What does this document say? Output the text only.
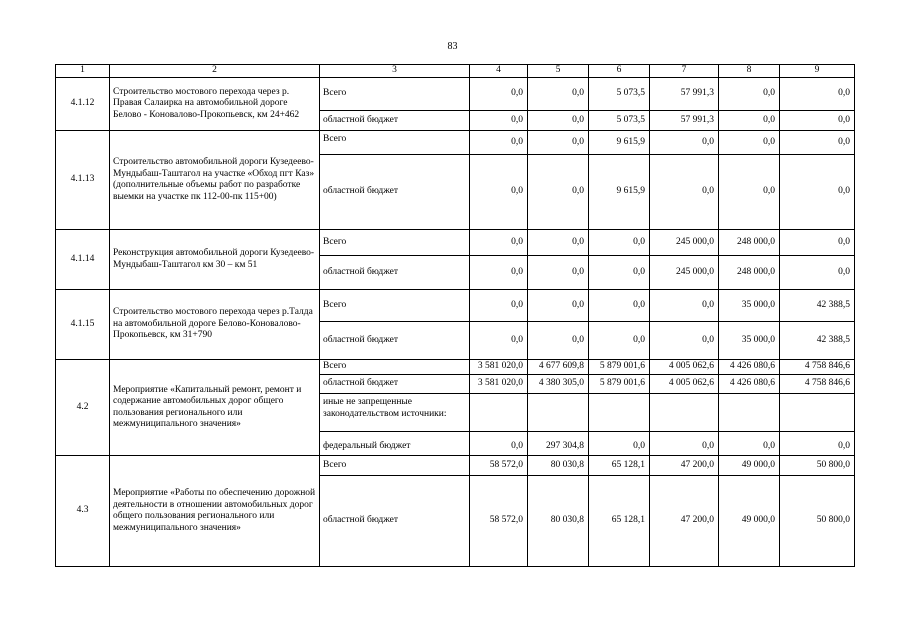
83
1	2	3	4	5	6	7	8	9
4.1.12	Строительство мостового перехода через р. Правая Салаирка на автомобильной дороге Белово - Коновалово-Прокопьевск, км 24+462	Всего	0,0	0,0	5 073,5	57 991,3	0,0	0,0
		областной бюджет	0,0	0,0	5 073,5	57 991,3	0,0	0,0
4.1.13	Строительство автомобильной дороги Кузедеево-Мундыбаш-Таштагол на участке «Обход пгт Каз» (дополнительные объемы работ по разработке выемки на участке пк 112-00-пк 115+00)	Всего	0,0	0,0	9 615,9	0,0	0,0	0,0
		областной бюджет	0,0	0,0	9 615,9	0,0	0,0	0,0
4.1.14	Реконструкция автомобильной дороги Кузедеево-Мундыбаш-Таштагол км 30 – км 51	Всего	0,0	0,0	0,0	245 000,0	248 000,0	0,0
		областной бюджет	0,0	0,0	0,0	245 000,0	248 000,0	0,0
4.1.15	Строительство мостового перехода через р.Талда на автомобильной дороге Белово-Коновалово-Прокопьевск, км 31+790	Всего	0,0	0,0	0,0	0,0	35 000,0	42 388,5
		областной бюджет	0,0	0,0	0,0	0,0	35 000,0	42 388,5
4.2	Мероприятие «Капитальный ремонт, ремонт и содержание автомобильных дорог общего пользования регионального или межмуниципального значения»	Всего	3 581 020,0	4 677 609,8	5 879 001,6	4 005 062,6	4 426 080,6	4 758 846,6
		областной бюджет	3 581 020,0	4 380 305,0	5 879 001,6	4 005 062,6	4 426 080,6	4 758 846,6
		иные не запрещенные законодательством источники:						
		федеральный бюджет	0,0	297 304,8	0,0	0,0	0,0	0,0
4.3	Мероприятие «Работы по обеспечению дорожной деятельности в отношении автомобильных дорог общего пользования регионального или межмуниципального значения»	Всего	58 572,0	80 030,8	65 128,1	47 200,0	49 000,0	50 800,0
		областной бюджет	58 572,0	80 030,8	65 128,1	47 200,0	49 000,0	50 800,0
